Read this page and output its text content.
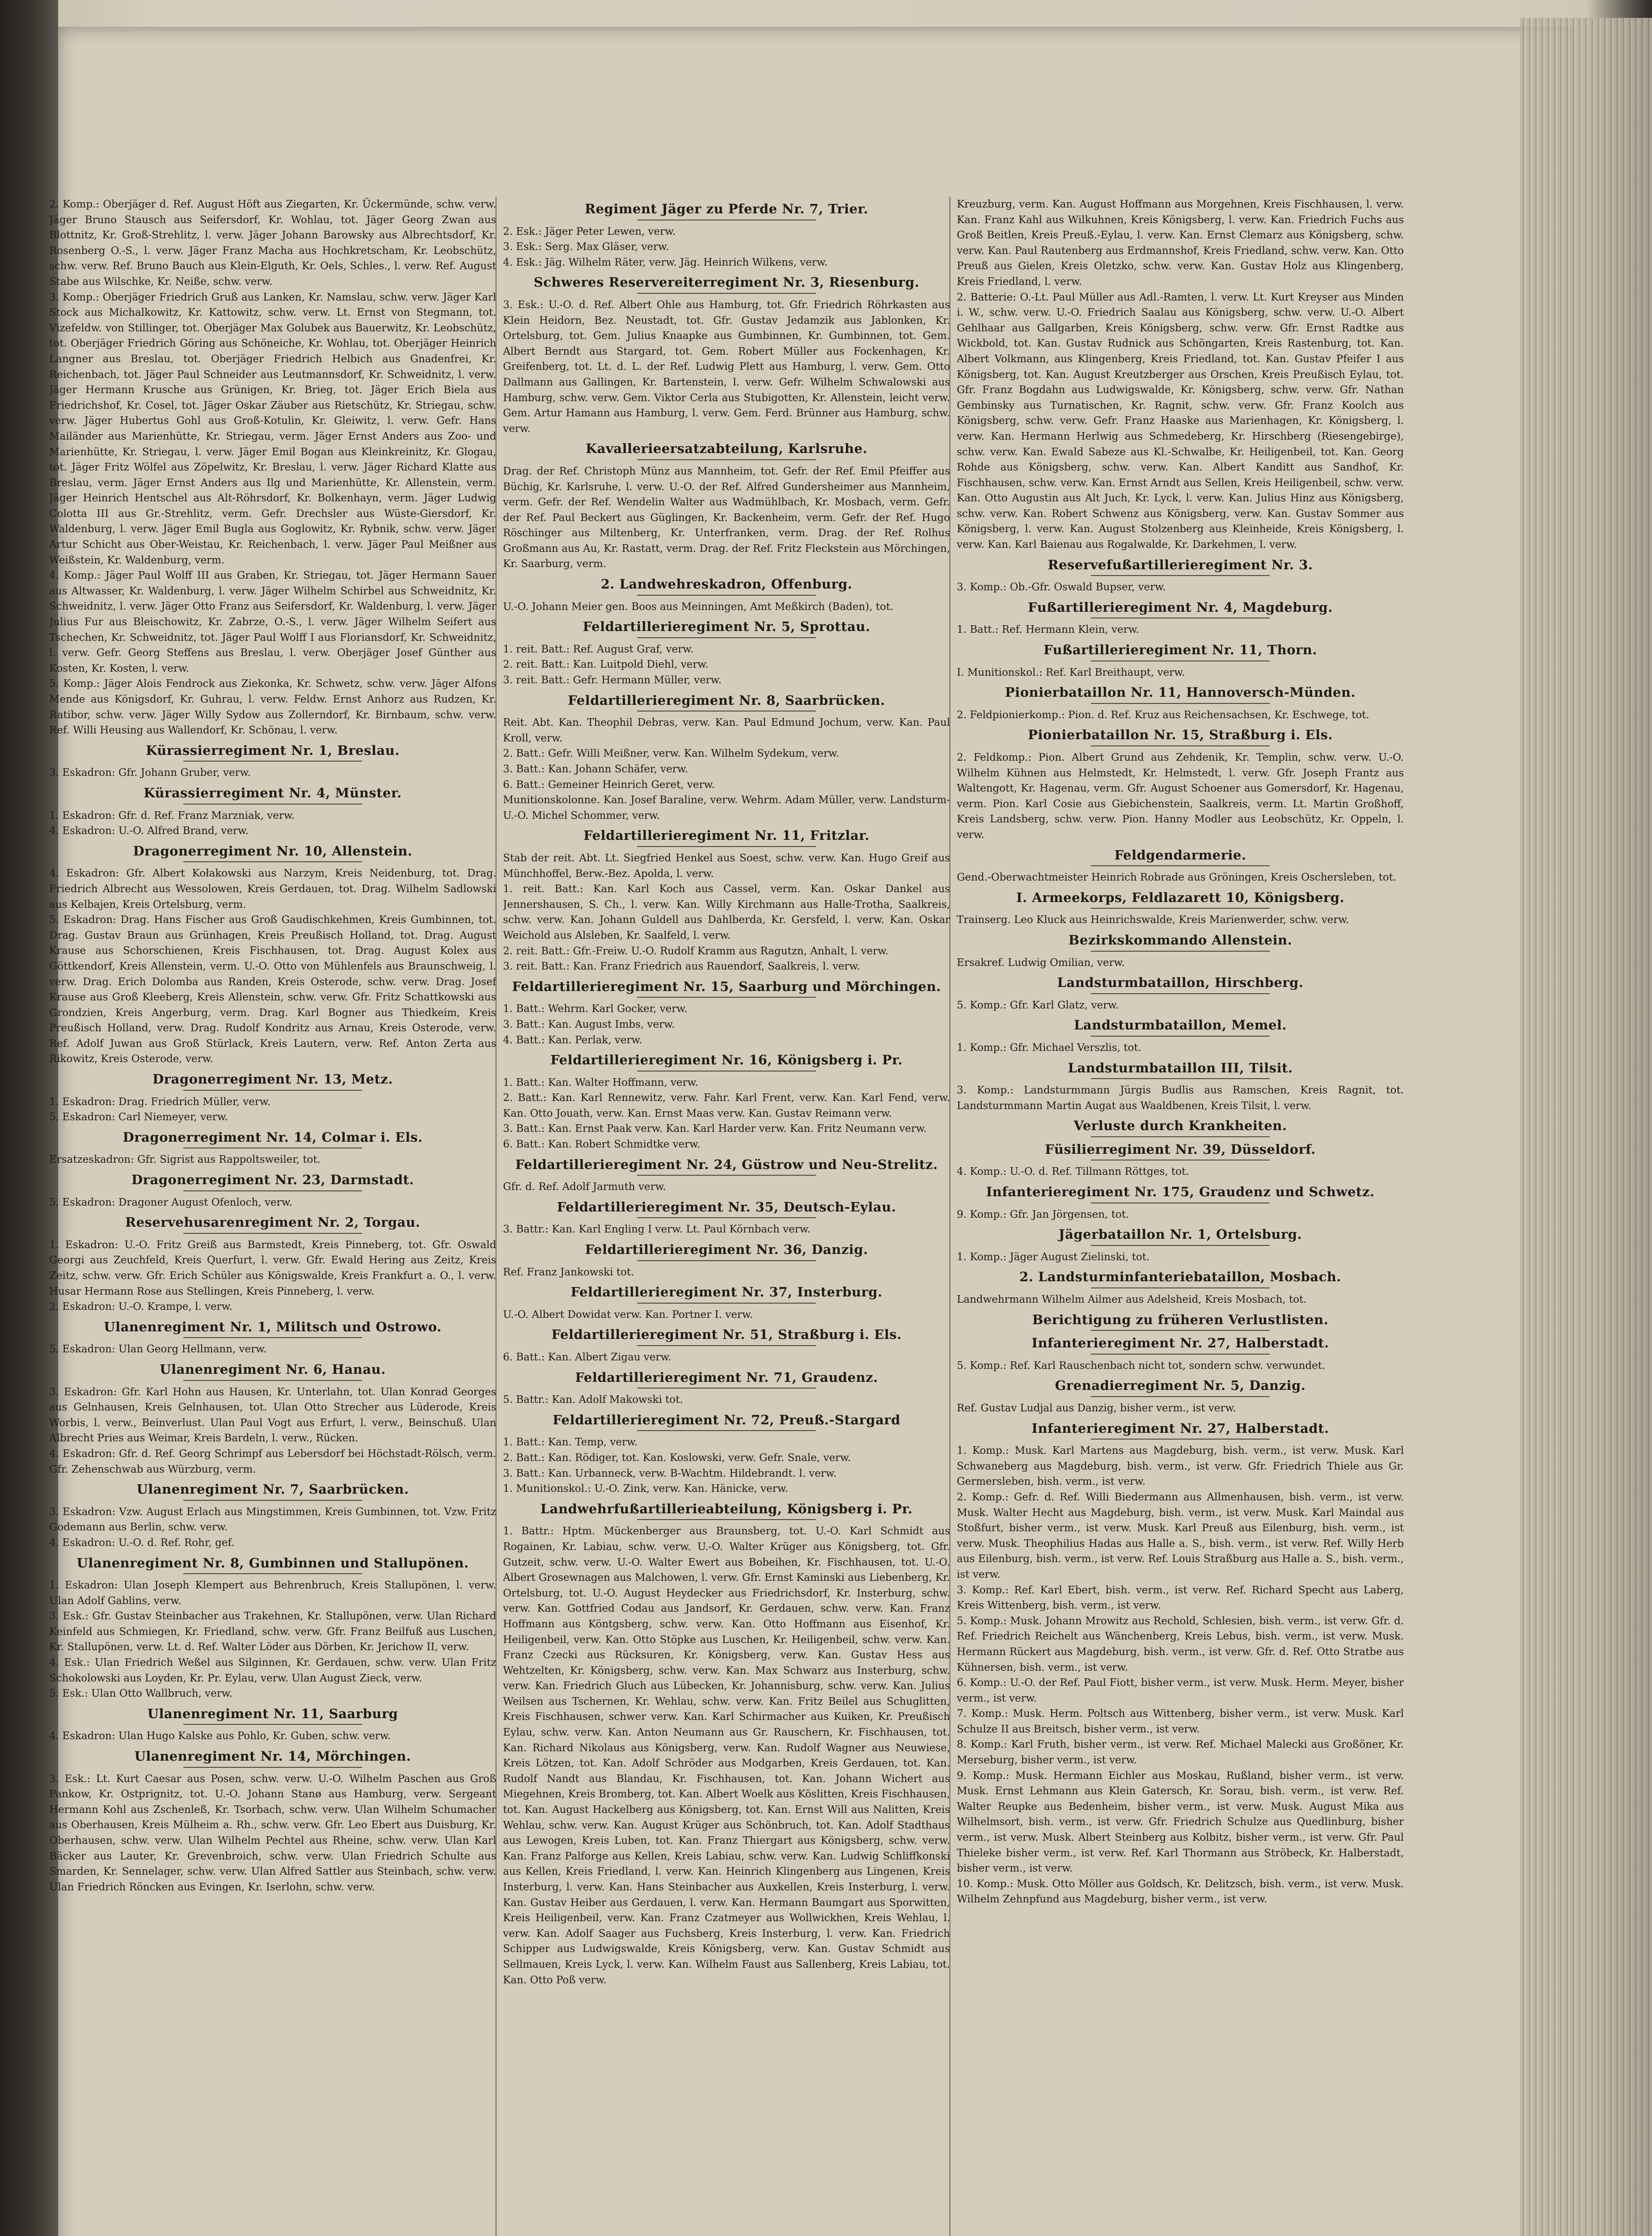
2. Komp.: Oberjäger d. Ref. August Höft aus Ziegarten, Kr. Ückermünde, schw. verw. Jäger Bruno Stausch aus Seifersdorf, Kr. Wohlau, tot. Jäger Georg Zwan aus Blottnitz, Kr. Groß-Strehlitz, l. verw. Jäger Johann Barowsky aus Albrechtsdorf, Kr. Rosenberg O.-S., l. verw. Jäger Franz Macha aus Hochkretscham, Kr. Leobschütz, schw. verw. Ref. Bruno Bauch aus Klein-Elguth, Kr. Oels, Schles., l. verw. Ref. August Stabe aus Wilschke, Kr. Neiße, schw. verw.

3. Komp.: Oberjäger Friedrich Gruß aus Lanken, Kr. Namslau, schw. verw. Jäger Karl Stock aus Michalkowitz, Kr. Kattowitz, schw. verw. Lt. Ernst von Stegmann, tot. Vizefeldw. von Stillinger, tot. Oberjäger Max Golubek aus Bauerwitz, Kr. Leobschütz, tot. Oberjäger Friedrich Göring aus Schöneiche, Kr. Wohlau, tot. Oberjäger Heinrich Langner aus Breslau, tot. Oberjäger Friedrich Helbich aus Gnadenfrei, Kr. Reichenbach, tot. Jäger Paul Schneider aus Leutmannsdorf, Kr. Schweidnitz, l. verw. Jäger Hermann Krusche aus Grünigen, Kr. Brieg, tot. Jäger Erich Biela aus Friedrichshof, Kr. Cosel, tot. Jäger Oskar Zäuber aus Rietschütz, Kr. Striegau, schw. verw. Jäger Hubertus Gohl aus Groß-Kotulin, Kr. Gleiwitz, l. verw. Gefr. Hans Mailänder aus Marienhütte, Kr. Striegau, verm. Jäger Ernst Anders aus Zoo- und Marienhütte, Kr. Striegau, l. verw. Jäger Emil Bogan aus Kleinkreinitz, Kr. Glogau, tot. Jäger Fritz Wölfel aus Zöpelwitz, Kr. Breslau, l. verw. Jäger Richard Klatte aus Breslau, verm. Jäger Ernst Anders aus Ilg und Marienhütte, Kr. Allenstein, verm. Jäger Heinrich Hentschel aus Alt-Röhrsdorf, Kr. Bolkenhayn, verm. Jäger Ludwig Colotta III aus Gr.-Strehlitz, verm. Gefr. Drechsler aus Wüste-Giersdorf, Kr. Waldenburg, l. verw. Jäger Emil Bugla aus Goglowitz, Kr. Rybnik, schw. verw. Jäger Artur Schicht aus Ober-Weistau, Kr. Reichenbach, l. verw. Jäger Paul Meißner aus Weißstein, Kr. Waldenburg, verm.

4. Komp.: Jäger Paul Wolff III aus Graben, Kr. Striegau, tot. Jäger Hermann Sauer aus Altwasser, Kr. Waldenburg, l. verw. Jäger Wilhelm Schirbel aus Schweidnitz, Kr. Schweidnitz, l. verw. Jäger Otto Franz aus Seifersdorf, Kr. Waldenburg, l. verw. Jäger Julius Fur aus Bleischowitz, Kr. Zabrze, O.-S., l. verw. Jäger Wilhelm Seifert aus Tschechen, Kr. Schweidnitz, tot. Jäger Paul Wolff I aus Floriansdorf, Kr. Schweidnitz, l. verw. Gefr. Georg Steffens aus Breslau, l. verw. Oberjäger Josef Günther aus Kosten, Kr. Kosten, l. verw.

5. Komp.: Jäger Alois Fendrock aus Ziekonka, Kr. Schwetz, schw. verw. Jäger Alfons Mende aus Königsdorf, Kr. Guhrau, l. verw. Feldw. Ernst Anhorz aus Rudzen, Kr. Ratibor, schw. verw. Jäger Willy Sydow aus Zollerndorf, Kr. Birnbaum, schw. verw. Ref. Willi Heusing aus Wallendorf, Kr. Schönau, l. verw.

Kürassierregiment Nr. 1, Breslau.

3. Eskadron: Gfr. Johann Gruber, verw.

Kürassierregiment Nr. 4, Münster.

1. Eskadron: Gfr. d. Ref. Franz Marzniak, verw.

4. Eskadron: U.-O. Alfred Brand, verw.

Dragonerregiment Nr. 10, Allenstein.

4. Eskadron: Gfr. Albert Kołakowski aus Narzym, Kreis Neidenburg, tot. Drag. Friedrich Albrecht aus Wessolowen, Kreis Gerdauen, tot. Drag. Wilhelm Sadlowski aus Kelbajen, Kreis Ortelsburg, verm.

5. Eskadron: Drag. Hans Fischer aus Groß Gaudischkehmen, Kreis Gumbinnen, tot. Drag. Gustav Braun aus Grünhagen, Kreis Preußisch Holland, tot. Drag. August Krause aus Schorschienen, Kreis Fischhausen, tot. Drag. August Kolex aus Göttkendorf, Kreis Allenstein, verm. U.-O. Otto von Mühlenfels aus Braunschweig, l. verw. Drag. Erich Dolomba aus Randen, Kreis Osterode, schw. verw. Drag. Josef Krause aus Groß Kleeberg, Kreis Allenstein, schw. verw. Gfr. Fritz Schattkowski aus Grondzien, Kreis Angerburg, verm. Drag. Karl Bogner aus Thiedkeim, Kreis Preußisch Holland, verw. Drag. Rudolf Kondritz aus Arnau, Kreis Osterode, verw. Ref. Adolf Juwan aus Groß Stürlack, Kreis Lautern, verw. Ref. Anton Zerta aus Rikowitz, Kreis Osterode, verw.

Dragonerregiment Nr. 13, Metz.

1. Eskadron: Drag. Friedrich Müller, verw.

5. Eskadron: Carl Niemeyer, verw.

Dragonerregiment Nr. 14, Colmar i. Els.

Ersatzeskadron: Gfr. Sigrist aus Rappoltsweiler, tot.

Dragonerregiment Nr. 23, Darmstadt.

5. Eskadron: Dragoner August Ofenloch, verw.

Reservehusarenregiment Nr. 2, Torgau.

1. Eskadron: U.-O. Fritz Greiß aus Barmstedt, Kreis Pinneberg, tot. Gfr. Oswald Georgi aus Zeuchfeld, Kreis Querfurt, l. verw. Gfr. Ewald Hering aus Zeitz, Kreis Zeitz, schw. verw. Gfr. Erich Schüler aus Königswalde, Kreis Frankfurt a. O., l. verw. Husar Hermann Rose aus Stellingen, Kreis Pinneberg, l. verw.

2. Eskadron: U.-O. Krampe, l. verw.

Ulanenregiment Nr. 1, Militsch und Ostrowo.

5. Eskadron: Ulan Georg Hellmann, verw.

Ulanenregiment Nr. 6, Hanau.

3. Eskadron: Gfr. Karl Hohn aus Hausen, Kr. Unterlahn, tot. Ulan Konrad Georges aus Gelnhausen, Kreis Gelnhausen, tot. Ulan Otto Strecher aus Lüderode, Kreis Worbis, l. verw., Beinverlust. Ulan Paul Vogt aus Erfurt, l. verw., Beinschuß. Ulan Albrecht Pries aus Weimar, Kreis Bardeln, l. verw., Rücken.

4. Eskadron: Gfr. d. Ref. Georg Schrimpf aus Lebersdorf bei Höchstadt-Rölsch, verm. Gfr. Zehenschwab aus Würzburg, verm.

Ulanenregiment Nr. 7, Saarbrücken.

3. Eskadron: Vzw. August Erlach aus Mingstimmen, Kreis Gumbinnen, tot. Vzw. Fritz Godemann aus Berlin, schw. verw.

4. Eskadron: U.-O. d. Ref. Rohr, gef.

Ulanenregiment Nr. 8, Gumbinnen und Stallupönen.

1. Eskadron: Ulan Joseph Klempert aus Behrenbruch, Kreis Stallupönen, l. verw. Ulan Adolf Gablins, verw.

3. Esk.: Gfr. Gustav Steinbacher aus Trakehnen, Kr. Stallupönen, verw. Ulan Richard Keinfeld aus Schmiegen, Kr. Friedland, schw. verw. Gfr. Franz Beilfuß aus Luschen, Kr. Stallupönen, verw. Lt. d. Ref. Walter Löder aus Dörben, Kr. Jerichow II, verw.

4. Esk.: Ulan Friedrich Weßel aus Silginnen, Kr. Gerdauen, schw. verw. Ulan Fritz Schokolowski aus Loyden, Kr. Pr. Eylau, verw. Ulan August Zieck, verw.

5. Esk.: Ulan Otto Wallbruch, verw.

Ulanenregiment Nr. 11, Saarburg

4. Eskadron: Ulan Hugo Kalske aus Pohlo, Kr. Guben, schw. verw.

Ulanenregiment Nr. 14, Mörchingen.

3. Esk.: Lt. Kurt Caesar aus Posen, schw. verw. U.-O. Wilhelm Paschen aus Groß Pankow, Kr. Ostprignitz, tot. U.-O. Johann Stanø aus Hamburg, verw. Sergeant Hermann Kohl aus Zschenleß, Kr. Tsorbach, schw. verw. Ulan Wilhelm Schumacher aus Oberhausen, Kreis Mülheim a. Rh., schw. verw. Gfr. Leo Ebert aus Duisburg, Kr. Oberhausen, schw. verw. Ulan Wilhelm Pechtel aus Rheine, schw. verw. Ulan Karl Bäcker aus Lauter, Kr. Grevenbroich, schw. verw. Ulan Friedrich Schulte aus Smarden, Kr. Sennelager, schw. verw. Ulan Alfred Sattler aus Steinbach, schw. verw. Ulan Friedrich Röncken aus Evingen, Kr. Iserlohn, schw. verw.

Regiment Jäger zu Pferde Nr. 7, Trier.

2. Esk.: Jäger Peter Lewen, verw.

3. Esk.: Serg. Max Gläser, verw.

4. Esk.: Jäg. Wilhelm Räter, verw. Jäg. Heinrich Wilkens, verw.

Schweres Reservereiterregiment Nr. 3, Riesenburg.

3. Esk.: U.-O. d. Ref. Albert Ohle aus Hamburg, tot. Gfr. Friedrich Röhrkasten aus Klein Heidorn, Bez. Neustadt, tot. Gfr. Gustav Jedamzik aus Jablonken, Kr. Ortelsburg, tot. Gem. Julius Knaapke aus Gumbinnen, Kr. Gumbinnen, tot. Gem. Albert Berndt aus Stargard, tot. Gem. Robert Müller aus Fockenhagen, Kr. Greifenberg, tot. Lt. d. L. der Ref. Ludwig Plett aus Hamburg, l. verw. Gem. Otto Dallmann aus Gallingen, Kr. Bartenstein, l. verw. Gefr. Wilhelm Schwalowski aus Hamburg, schw. verw. Gem. Viktor Cerla aus Stubigotten, Kr. Allenstein, leicht verw. Gem. Artur Hamann aus Hamburg, l. verw. Gem. Ferd. Brünner aus Hamburg, schw. verw.

Kavallerieersatzabteilung, Karlsruhe.

Drag. der Ref. Christoph Münz aus Mannheim, tot. Gefr. der Ref. Emil Pfeiffer aus Büchig, Kr. Karlsruhe, l. verw. U.-O. der Ref. Alfred Gundersheimer aus Mannheim, verm. Gefr. der Ref. Wendelin Walter aus Wadmühlbach, Kr. Mosbach, verm. Gefr. der Ref. Paul Beckert aus Güglingen, Kr. Backenheim, verm. Gefr. der Ref. Hugo Röschinger aus Miltenberg, Kr. Unterfranken, verm. Drag. der Ref. Rolhus Großmann aus Au, Kr. Rastatt, verm. Drag. der Ref. Fritz Fleckstein aus Mörchingen, Kr. Saarburg, verm.

2. Landwehreskadron, Offenburg.

U.-O. Johann Meier gen. Boos aus Meinningen, Amt Meßkirch (Baden), tot.

Feldartillerieregiment Nr. 5, Sprottau.

1. reit. Batt.: Ref. August Graf, verw.

2. reit. Batt.: Kan. Luitpold Diehl, verw.

3. reit. Batt.: Gefr. Hermann Müller, verw.

Feldartillerieregiment Nr. 8, Saarbrücken.

Reit. Abt. Kan. Theophil Debras, verw. Kan. Paul Edmund Jochum, verw. Kan. Paul Kroll, verw.

2. Batt.: Gefr. Willi Meißner, verw. Kan. Wilhelm Sydekum, verw.

3. Batt.: Kan. Johann Schäfer, verw.

6. Batt.: Gemeiner Heinrich Geret, verw.

Munitionskolonne. Kan. Josef Baraline, verw. Wehrm. Adam Müller, verw. Landsturm-U.-O. Michel Schommer, verw.

Feldartillerieregiment Nr. 11, Fritzlar.

Stab der reit. Abt. Lt. Siegfried Henkel aus Soest, schw. verw. Kan. Hugo Greif aus Münchhoffel, Berw.-Bez. Apolda, l. verw.

1. reit. Batt.: Kan. Karl Koch aus Cassel, verm. Kan. Oskar Dankel aus Jennershausen, S. Ch., l. verw. Kan. Willy Kirchmann aus Halle-Trotha, Saalkreis, schw. verw. Kan. Johann Guldell aus Dahlberda, Kr. Gersfeld, l. verw. Kan. Oskar Weichold aus Alsleben, Kr. Saalfeld, l. verw.

2. reit. Batt.: Gfr.-Freiw. U.-O. Rudolf Kramm aus Ragutzn, Anhalt, l. verw.

3. reit. Batt.: Kan. Franz Friedrich aus Rauendorf, Saalkreis, l. verw.

Feldartillerieregiment Nr. 15, Saarburg und Mörchingen.

1. Batt.: Wehrm. Karl Gocker, verw.

3. Batt.: Kan. August Imbs, verw.

4. Batt.: Kan. Perlak, verw.

Feldartillerieregiment Nr. 16, Königsberg i. Pr.

1. Batt.: Kan. Walter Hoffmann, verw.

2. Batt.: Kan. Karl Rennewitz, verw. Fahr. Karl Frent, verw. Kan. Karl Fend, verw. Kan. Otto Jouath, verw. Kan. Ernst Maas verw. Kan. Gustav Reimann verw.

3. Batt.: Kan. Ernst Paak verw. Kan. Karl Harder verw. Kan. Fritz Neumann verw.

6. Batt.: Kan. Robert Schmidtke verw.

Feldartillerieregiment Nr. 24, Güstrow und Neu-Strelitz.

Gfr. d. Ref. Adolf Jarmuth verw.

Feldartillerieregiment Nr. 35, Deutsch-Eylau.

3. Battr.: Kan. Karl Engling I verw. Lt. Paul Körnbach verw.

Feldartillerieregiment Nr. 36, Danzig.

Ref. Franz Jankowski tot.

Feldartillerieregiment Nr. 37, Insterburg.

U.-O. Albert Dowidat verw. Kan. Portner I. verw.

Feldartillerieregiment Nr. 51, Straßburg i. Els.

6. Batt.: Kan. Albert Zigau verw.

Feldartillerieregiment Nr. 71, Graudenz.

5. Battr.: Kan. Adolf Makowski tot.

Feldartillerieregiment Nr. 72, Preuß.-Stargard

1. Batt.: Kan. Temp, verw.

2. Batt.: Kan. Rödiger, tot. Kan. Koslowski, verw. Gefr. Snale, verw.

3. Batt.: Kan. Urbanneck, verw. B-Wachtm. Hildebrandt. l. verw.

1. Munitionskol.: U.-O. Zink, verw. Kan. Hänicke, verw.

Landwehrfußartillerieabteilung, Königsberg i. Pr.

1. Battr.: Hptm. Mückenberger aus Braunsberg, tot. U.-O. Karl Schmidt aus Rogainen, Kr. Labiau, schw. verw. U.-O. Walter Krüger aus Königsberg, tot. Gfr. Gutzeit, schw. verw. U.-O. Walter Ewert aus Bobeihen, Kr. Fischhausen, tot. U.-O. Albert Grosewnagen aus Malchowen, l. verw. Gfr. Ernst Kaminski aus Liebenberg, Kr. Ortelsburg, tot. U.-O. August Heydecker aus Friedrichsdorf, Kr. Insterburg, schw. verw. Kan. Gottfried Codau aus Jandsorf, Kr. Gerdauen, schw. verw. Kan. Franz Hoffmann aus Köntgsberg, schw. verw. Kan. Otto Hoffmann aus Eisenhof, Kr. Heiligenbeil, verw. Kan. Otto Stöpke aus Luschen, Kr. Heiligenbeil, schw. verw. Kan. Franz Czecki aus Rücksuren, Kr. Königsberg, verw. Kan. Gustav Hess aus Wehtzelten, Kr. Königsberg, schw. verw. Kan. Max Schwarz aus Insterburg, schw. verw. Kan. Friedrich Gluch aus Lübecken, Kr. Johannisburg, schw. verw. Kan. Julius Weilsen aus Tschernen, Kr. Wehlau, schw. verw. Kan. Fritz Beilel aus Schuglitten, Kreis Fischhausen, schwer verw. Kan. Karl Schirmacher aus Kuiken, Kr. Preußisch Eylau, schw. verw. Kan. Anton Neumann aus Gr. Rauschern, Kr. Fischhausen, tot. Kan. Richard Nikolaus aus Königsberg, verw. Kan. Rudolf Wagner aus Neuwiese, Kreis Lötzen, tot. Kan. Adolf Schröder aus Modgarben, Kreis Gerdauen, tot. Kan. Rudolf Nandt aus Blandau, Kr. Fischhausen, tot. Kan. Johann Wichert aus Miegehnen, Kreis Bromberg, tot. Kan. Albert Woelk aus Köslitten, Kreis Fischhausen, tot. Kan. August Hackelberg aus Königsberg, tot. Kan. Ernst Will aus Nalitten, Kreis Wehlau, schw. verw. Kan. August Krüger aus Schönbruch, tot. Kan. Adolf Stadthaus aus Lewogen, Kreis Luben, tot. Kan. Franz Thiergart aus Königsberg, schw. verw. Kan. Franz Palforge aus Kellen, Kreis Labiau, schw. verw. Kan. Ludwig Schliffkonski aus Kellen, Kreis Friedland, l. verw. Kan. Heinrich Klingenberg aus Lingenen, Kreis Insterburg, l. verw. Kan. Hans Steinbacher aus Auxkellen, Kreis Insterburg, l. verw. Kan. Gustav Heiber aus Gerdauen, l. verw. Kan. Hermann Baumgart aus Sporwitten, Kreis Heiligenbeil, verw. Kan. Franz Czatmeyer aus Wollwickhen, Kreis Wehlau, l. verw. Kan. Adolf Saager aus Fuchsberg, Kreis Insterburg, l. verw. Kan. Friedrich Schipper aus Ludwigswalde, Kreis Königsberg, verw. Kan. Gustav Schmidt aus Sellmauen, Kreis Lyck, l. verw. Kan. Wilhelm Faust aus Sallenberg, Kreis Labiau, tot. Kan. Otto Poß verw.

Kreuzburg, verm. Kan. August Hoffmann aus Morgehnen, Kreis Fischhausen, l. verw. Kan. Franz Kahl aus Wilkuhnen, Kreis Königsberg, l. verw. Kan. Friedrich Fuchs aus Groß Beitlen, Kreis Preuß.-Eylau, l. verw. Kan. Ernst Clemarz aus Königsberg, schw. verw. Kan. Paul Rautenberg aus Erdmannshof, Kreis Friedland, schw. verw. Kan. Otto Preuß aus Gielen, Kreis Oletzko, schw. verw. Kan. Gustav Holz aus Klingenberg, Kreis Friedland, l. verw.

2. Batterie: O.-Lt. Paul Müller aus Adl.-Ramten, l. verw. Lt. Kurt Kreyser aus Minden i. W., schw. verw. U.-O. Friedrich Saalau aus Königsberg, schw. verw. U.-O. Albert Gehlhaar aus Gallgarben, Kreis Königsberg, schw. verw. Gfr. Ernst Radtke aus Wickbold, tot. Kan. Gustav Rudnick aus Schöngarten, Kreis Rastenburg, tot. Kan. Albert Volkmann, aus Klingenberg, Kreis Friedland, tot. Kan. Gustav Pfeifer I aus Königsberg, tot. Kan. August Kreutzberger aus Orschen, Kreis Preußisch Eylau, tot. Gfr. Franz Bogdahn aus Ludwigswalde, Kr. Königsberg, schw. verw. Gfr. Nathan Gembinsky aus Turnatischen, Kr. Ragnit, schw. verw. Gfr. Franz Koolch aus Königsberg, schw. verw. Gefr. Franz Haaske aus Marienhagen, Kr. Königsberg, l. verw. Kan. Hermann Herlwig aus Schmedeberg, Kr. Hirschberg (Riesengebirge), schw. verw. Kan. Ewald Sabeze aus Kl.-Schwalbe, Kr. Heiligenbeil, tot. Kan. Georg Rohde aus Königsberg, schw. verw. Kan. Albert Kanditt aus Sandhof, Kr. Fischhausen, schw. verw. Kan. Ernst Arndt aus Sellen, Kreis Heiligenbeil, schw. verw. Kan. Otto Augustin aus Alt Juch, Kr. Lyck, l. verw. Kan. Julius Hinz aus Königsberg, schw. verw. Kan. Robert Schwenz aus Königsberg, verw. Kan. Gustav Sommer aus Königsberg, l. verw. Kan. August Stolzenberg aus Kleinheide, Kreis Königsberg, l. verw. Kan. Karl Baienau aus Rogalwalde, Kr. Darkehmen, l. verw.

Reservefußartillerieregiment Nr. 3.

3. Komp.: Ob.-Gfr. Oswald Bupser, verw.

Fußartillerieregiment Nr. 4, Magdeburg.

1. Batt.: Ref. Hermann Klein, verw.

Fußartillerieregiment Nr. 11, Thorn.

I. Munitionskol.: Ref. Karl Breithaupt, verw.

Pionierbataillon Nr. 11, Hannoversch-Münden.

2. Feldpionierkomp.: Pion. d. Ref. Kruz aus Reichensachsen, Kr. Eschwege, tot.

Pionierbataillon Nr. 15, Straßburg i. Els.

2. Feldkomp.: Pion. Albert Grund aus Zehdenik, Kr. Templin, schw. verw. U.-O. Wilhelm Kühnen aus Helmstedt, Kr. Helmstedt, l. verw. Gfr. Joseph Frantz aus Waltengott, Kr. Hagenau, verm. Gfr. August Schoener aus Gomersdorf, Kr. Hagenau, verm. Pion. Karl Cosie aus Giebichenstein, Saalkreis, verm. Lt. Martin Großhoff, Kreis Landsberg, schw. verw. Pion. Hanny Modler aus Leobschütz, Kr. Oppeln, l. verw.

Feldgendarmerie.

Gend.-Oberwachtmeister Heinrich Robrade aus Gröningen, Kreis Oschersleben, tot.

I. Armeekorps, Feldlazarett 10, Königsberg.

Trainserg. Leo Kluck aus Heinrichswalde, Kreis Marienwerder, schw. verw.

Bezirkskommando Allenstein.

Ersakref. Ludwig Omilian, verw.

Landsturmbataillon, Hirschberg.

5. Komp.: Gfr. Karl Glatz, verw.

Landsturmbataillon, Memel.

1. Komp.: Gfr. Michael Verszlis, tot.

Landsturmbataillon III, Tilsit.

3. Komp.: Landsturmmann Jürgis Budlis aus Ramschen, Kreis Ragnit, tot. Landsturmmann Martin Augat aus Waaldbenen, Kreis Tilsit, l. verw.

Verluste durch Krankheiten.

Füsilierregiment Nr. 39, Düsseldorf.

4. Komp.: U.-O. d. Ref. Tillmann Röttges, tot.

Infanterieregiment Nr. 175, Graudenz und Schwetz.

9. Komp.: Gfr. Jan Jörgensen, tot.

Jägerbataillon Nr. 1, Ortelsburg.

1. Komp.: Jäger August Zielinski, tot.

2. Landsturminfanteriebataillon, Mosbach.

Landwehrmann Wilhelm Ailmer aus Adelsheid, Kreis Mosbach, tot.

Berichtigung zu früheren Verlustlisten.

Infanterieregiment Nr. 27, Halberstadt.

5. Komp.: Ref. Karl Rauschenbach nicht tot, sondern schw. verwundet.

Grenadierregiment Nr. 5, Danzig.

Ref. Gustav Ludjal aus Danzig, bisher verm., ist verw.

Infanterieregiment Nr. 27, Halberstadt.

1. Komp.: Musk. Karl Martens aus Magdeburg, bish. verm., ist verw. Musk. Karl Schwaneberg aus Magdeburg, bish. verm., ist verw. Gfr. Friedrich Thiele aus Gr. Germersleben, bish. verm., ist verw.

2. Komp.: Gefr. d. Ref. Willi Biedermann aus Allmenhausen, bish. verm., ist verw. Musk. Walter Hecht aus Magdeburg, bish. verm., ist verw. Musk. Karl Maindal aus Stoßfurt, bisher verm., ist verw. Musk. Karl Preuß aus Eilenburg, bish. verm., ist verw. Musk. Theophilius Hadas aus Halle a. S., bish. verm., ist verw. Ref. Willy Herb aus Eilenburg, bish. verm., ist verw. Ref. Louis Straßburg aus Halle a. S., bish. verm., ist verw.

3. Komp.: Ref. Karl Ebert, bish. verm., ist verw. Ref. Richard Specht aus Laberg, Kreis Wittenberg, bish. verm., ist verw.

5. Komp.: Musk. Johann Mrowitz aus Rechold, Schlesien, bish. verm., ist verw. Gfr. d. Ref. Friedrich Reichelt aus Wänchenberg, Kreis Lebus, bish. verm., ist verw. Musk. Hermann Rückert aus Magdeburg, bish. verm., ist verw. Gfr. d. Ref. Otto Stratbe aus Kühnersen, bish. verm., ist verw.

6. Komp.: U.-O. der Ref. Paul Fiott, bisher verm., ist verw. Musk. Herm. Meyer, bisher verm., ist verw.

7. Komp.: Musk. Herm. Poltsch aus Wittenberg, bisher verm., ist verw. Musk. Karl Schulze II aus Breitsch, bisher verm., ist verw.

8. Komp.: Karl Fruth, bisher verm., ist verw. Ref. Michael Malecki aus Großöner, Kr. Merseburg, bisher verm., ist verw.

9. Komp.: Musk. Hermann Eichler aus Moskau, Rußland, bisher verm., ist verw. Musk. Ernst Lehmann aus Klein Gatersch, Kr. Sorau, bish. verm., ist verw. Ref. Walter Reupke aus Bedenheim, bisher verm., ist verw. Musk. August Mika aus Wilhelmsort, bish. verm., ist verw. Gfr. Friedrich Schulze aus Quedlinburg, bisher verm., ist verw. Musk. Albert Steinberg aus Kolbitz, bisher verm., ist verw. Gfr. Paul Thieleke bisher verm., ist verw. Ref. Karl Thormann aus Ströbeck, Kr. Halberstadt, bisher verm., ist verw.

10. Komp.: Musk. Otto Möller aus Goldsch, Kr. Delitzsch, bish. verm., ist verw. Musk. Wilhelm Zehnpfund aus Magdeburg, bisher verm., ist verw.
